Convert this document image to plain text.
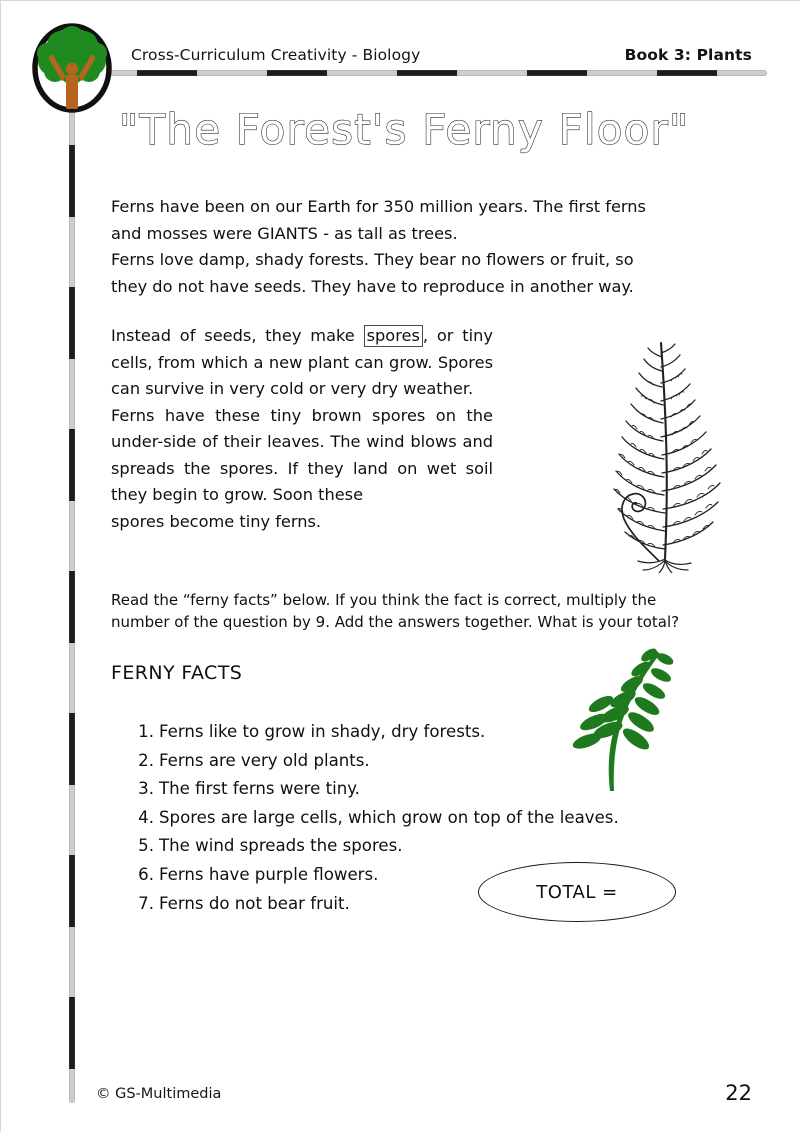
Cross-Curriculum Creativity - Biology	Book 3: Plants
"The Forest's Ferny Floor"
Ferns have been on our Earth for 350 million years. The first ferns
and mosses were GIANTS - as tall as trees.
Ferns love damp, shady forests. They bear no flowers or fruit, so
they do not have seeds. They have to reproduce in another way.

Instead of seeds, they make spores , or tiny cells, from which a new plant can grow. Spores can survive in very cold or very dry weather.

Ferns have these tiny brown spores on the under-side of their leaves. The wind blows and spreads the spores. If they land on wet soil they begin to grow. Soon these

spores become tiny ferns.

Read the “ferny facts” below. If you think the fact is correct, multiply the
number of the question by 9. Add the answers together. What is your total?
FERNY FACTS
1. Ferns like to grow in shady, dry forests.
2. Ferns are very old plants.
3. The first ferns were tiny.
4. Spores are large cells, which grow on top of the leaves.
5. The wind spreads the spores.
6. Ferns have purple flowers.
7. Ferns do not bear fruit.
TOTAL =
© GS-Multimedia	22
